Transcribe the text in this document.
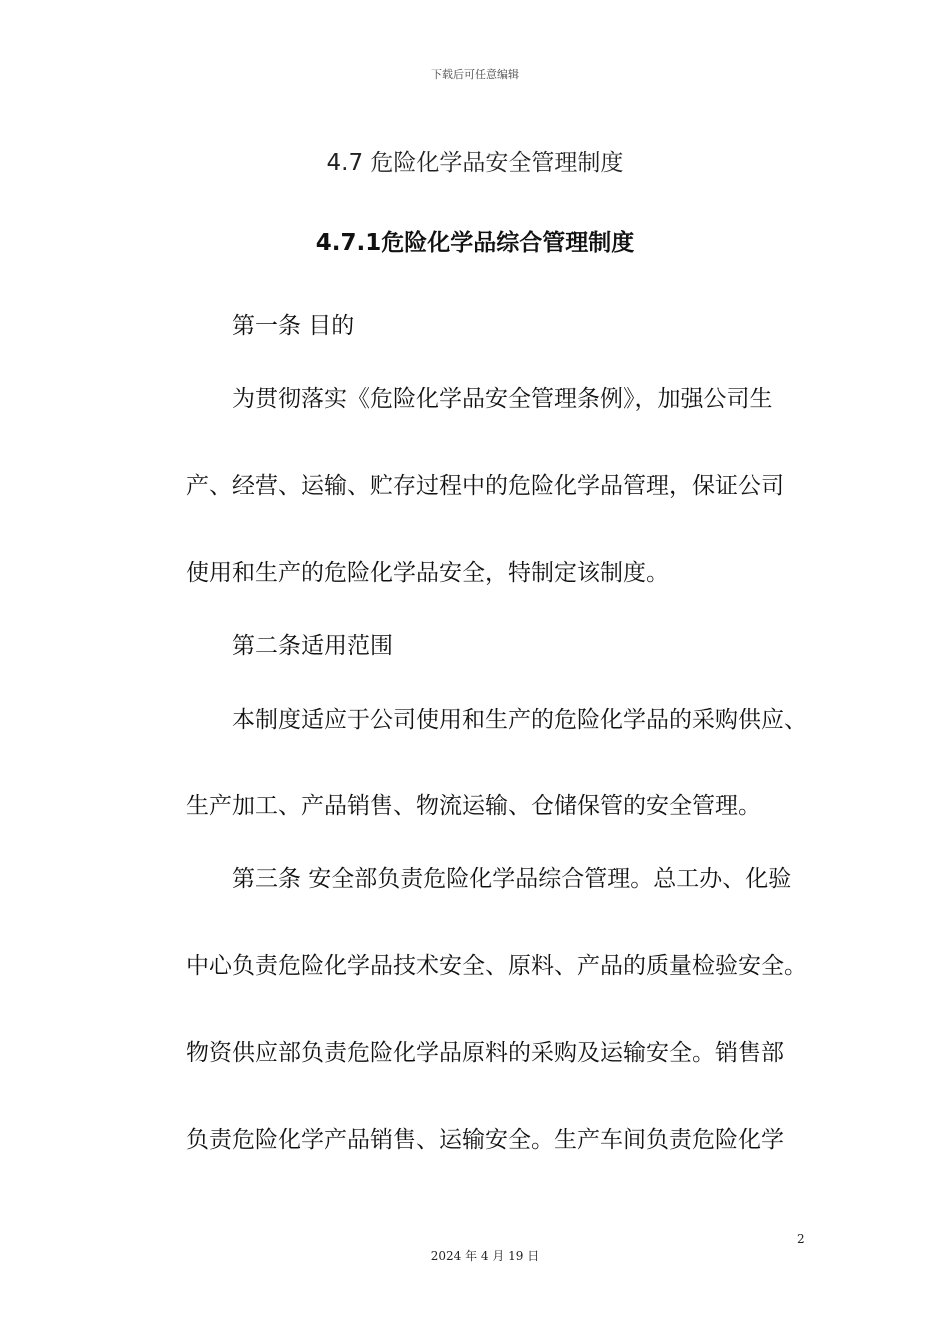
下载后可任意编辑
4.7 危险化学品安全管理制度
4.7.1危险化学品综合管理制度
第一条 目的
为贯彻落实《危险化学品安全管理条例》，加强公司生
产、经营、运输、贮存过程中的危险化学品管理，保证公司
使用和生产的危险化学品安全，特制定该制度。
第二条适用范围
本制度适应于公司使用和生产的危险化学品的采购供应、
生产加工、产品销售、物流运输、仓储保管的安全管理。
第三条 安全部负责危险化学品综合管理。总工办、化验
中心负责危险化学品技术安全、原料、产品的质量检验安全。
物资供应部负责危险化学品原料的采购及运输安全。销售部
负责危险化学产品销售、运输安全。生产车间负责危险化学
2
2024 年 4 月 19 日
